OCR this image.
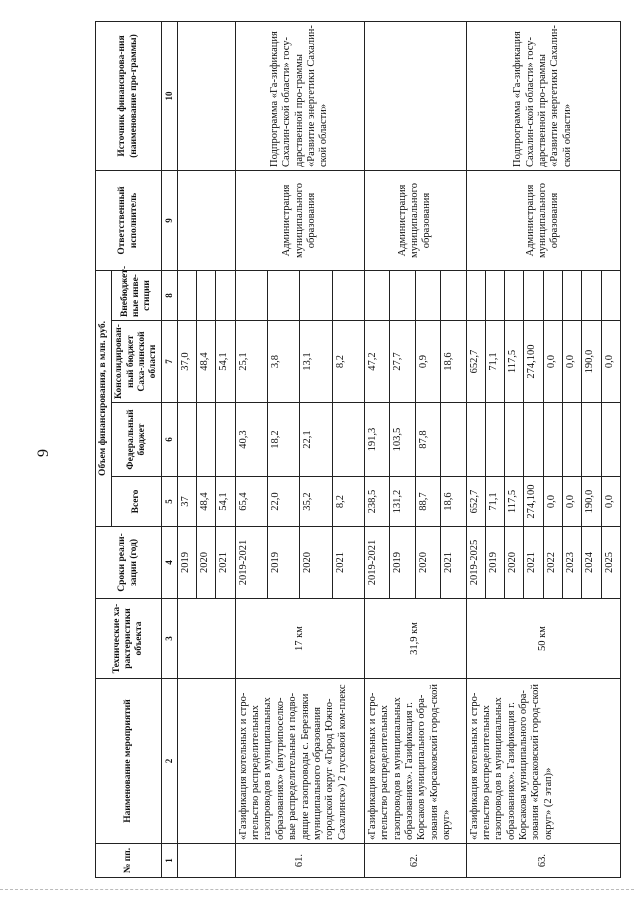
9
№ пп.	Наименование мероприятий	Технические ха-рактеристики объекта	Сроки реали-зации (год)	Объем финансирования, в млн. руб.				Ответственный исполнитель	Источник финансирова-ния (наименование про-граммы)
				Всего	Федеральный бюджет	Консолидирован-ный бюджет Саха-линской области	Внебюджет-ные инве-стиции		
1	2	3	4	5	6	7	8	9	10
			2019	37		37,0			
			2020	48,4		48,4			
			2021	54,1		54,1			
61.	«Газификация котельных и стро-ительство распределительных газопроводов в муниципальных образованиях» (внутрипоселко-вые распределительные и подво-дящие газопроводы с. Березняки муниципального образования городской округ «Город Южно-Сахалинск») 2 пусковой ком-плекс	17 км	2019-2021	65,4	40,3	25,1		Администрация муниципального образования	Подпрограмма «Га-зификация Сахалин-ской области» госу-дарственной про-граммы «Развитие энергетики Сахалин-ской области»
			2019	22,0	18,2	3,8			
			2020	35,2	22,1	13,1			
			2021	8,2		8,2			
62.	«Газификация котельных и стро-ительство распределительных газопроводов в муниципальных образованиях». Газификация г. Корсаков муниципального обра-зования «Корсаковский город-ской округ»	31,9 км	2019-2021	238,5	191,3	47,2		Администрация муниципального образования	
			2019	131,2	103,5	27,7			
			2020	88,7	87,8	0,9			
			2021	18,6		18,6			
63.	«Газификация котельных и стро-ительство распределительных газопроводов в муниципальных образованиях». Газификация г. Корсакова муниципального обра-зования «Корсаковский город-ской округ» (2 этап)»	50 км	2019-2025	652,7		652,7		Администрация муниципального образования	Подпрограмма «Га-зификация Сахалин-ской области» госу-дарственной про-граммы «Развитие энергетики Сахалин-ской области»
			2019	71,1		71,1			
			2020	117,5		117,5			
			2021	274,100		274,100			
			2022	0,0		0,0			
			2023	0,0		0,0			
			2024	190,0		190,0			
			2025	0,0		0,0			
